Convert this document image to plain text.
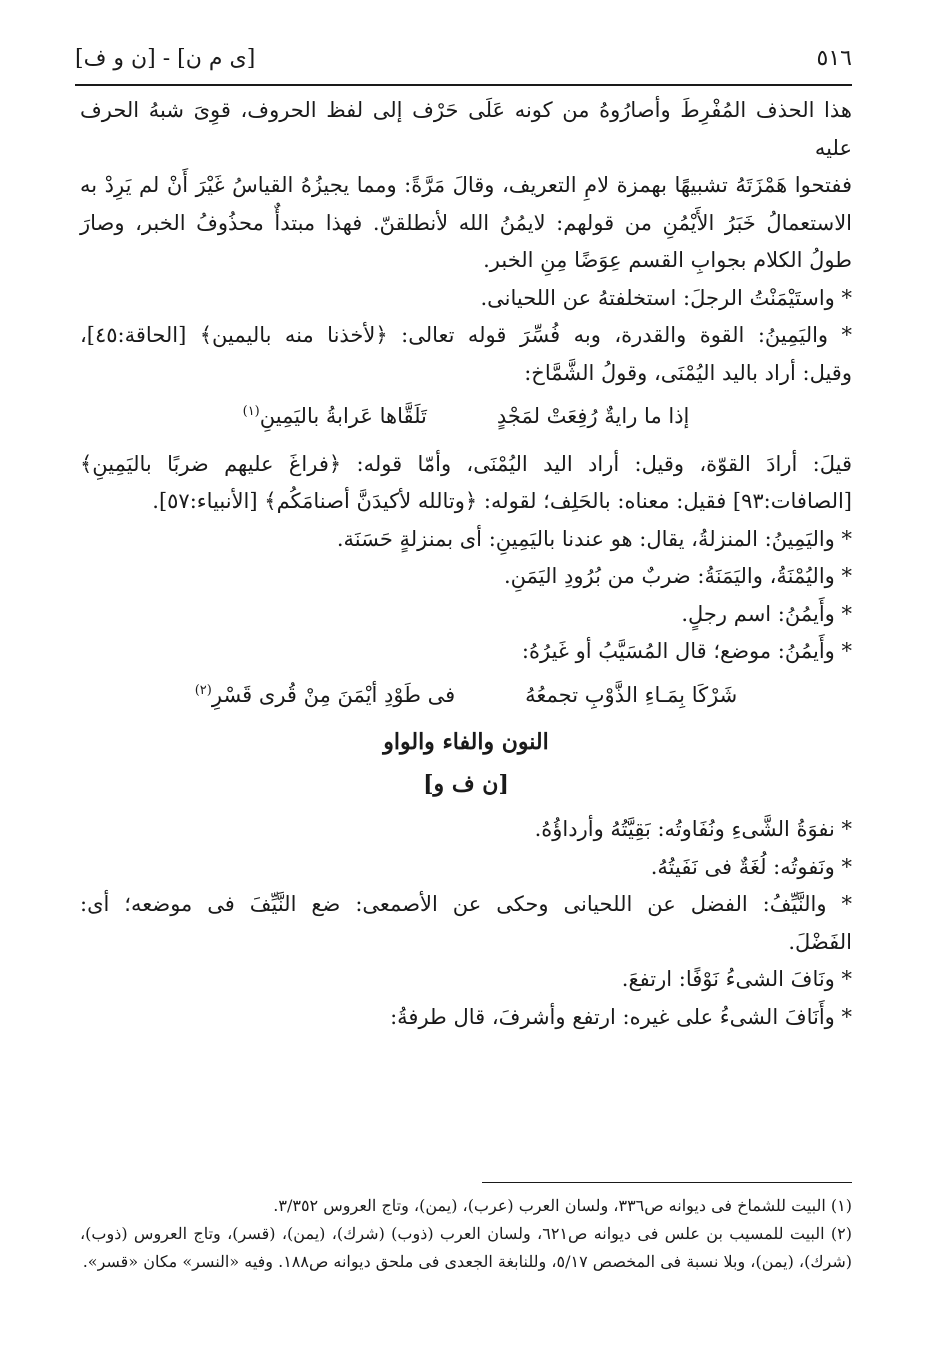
٥١٦
[ى م ن] - [ن و ف]

هذا الحذف المُفْرِطَ وأصارُوهُ من كونه عَلَى حَرْف إلى لفظ الحروف، قوِىَ شبهُ الحرف عليه

ففتحوا هَمْزَتَهُ تشبيهًا بهمزة لامِ التعريف، وقالَ مَرَّةً: ومما يجيزُهُ القياسُ غَيْرَ أَنْ لم يَرِدْ به

الاستعمالُ خَبَرُ الأَيْمُنِ من قولهم: لايمُنُ الله لأنطلقنّ. فهذا مبتدأٌ محذُوفُ الخبر، وصارَ

طولُ الكلام بجوابِ القسم عِوَضًا مِنِ الخبر.

* واستَيْمَنْتُ الرجلَ: استخلفتهُ عن اللحيانى.

* واليَمِينُ: القوة والقدرة، وبه فُسِّرَ قوله تعالى: ﴿لأخذنا منه باليمين﴾ [الحاقة:٤٥]،

وقيل: أراد باليد اليُمْنَى، وقولُ الشَّمَّاخ:

إذا ما رايةٌ رُفِعَتْ لمَجْدٍ
تَلَقَّاها عَرابةُ باليَمِينِ(١)

قيلَ: أرادَ القوّة، وقيل: أراد اليد اليُمْنَى، وأمّا قوله: ﴿فراغَ عليهم ضربًا باليَمِينِ﴾

[الصافات:٩٣] فقيل: معناه: بالحَلِف؛ لقوله: ﴿وتالله لأكيدَنَّ أصنامَكُم﴾ [الأنبياء:٥٧].

* واليَمِينُ: المنزلةُ، يقال: هو عندنا باليَمِينِ: أى بمنزلةٍ حَسَنَة.

* واليُمْنَةُ، واليَمَنَةُ: ضربٌ من بُرُودِ اليَمَنِ.

* وأَيمُنُ: اسم رجلٍ.

* وأَيمُنُ: موضع؛ قال المُسَيَّبُ أو غَيرُهُ:

شَرْكَا بِمَـاءِ الذَّوْبِ تجمعُهُ
فى طَوْدِ أيْمَنَ مِنْ قُرى قَسْرِ(٢)
النون والفاء والواو
[ن ف و]

* نفوَةُ الشَّىءِ ونُفَاوتُه: بَقِيَّتُهُ وأرداؤُهُ.

* ونَفوتُه: لُغَةٌ فى نَفَيتُهُ.

* والنَّيِّفُ: الفضل عن اللحيانى وحكى عن الأصمعى: ضع النَّيِّفَ فى موضعه؛ أى:

الفَضْلَ.

* ونَافَ الشىءُ نَوْفًا: ارتفعَ.

* وأَنَافَ الشىءُ على غيره: ارتفع وأشرفَ، قال طرفةُ:

(١) البيت للشماخ فى ديوانه ص٣٣٦، ولسان العرب (عرب)، (يمن)، وتاج العروس ٣/٣٥٢.

(٢) البيت للمسيب بن علس فى ديوانه ص٦٢١، ولسان العرب (ذوب) (شرك)، (يمن)، (قسر)، وتاج العروس (ذوب)، (شرك)، (يمن)، وبلا نسبة فى المخصص ٥/١٧، وللنابغة الجعدى فى ملحق ديوانه ص١٨٨. وفيه «النسر» مكان «قسر».
